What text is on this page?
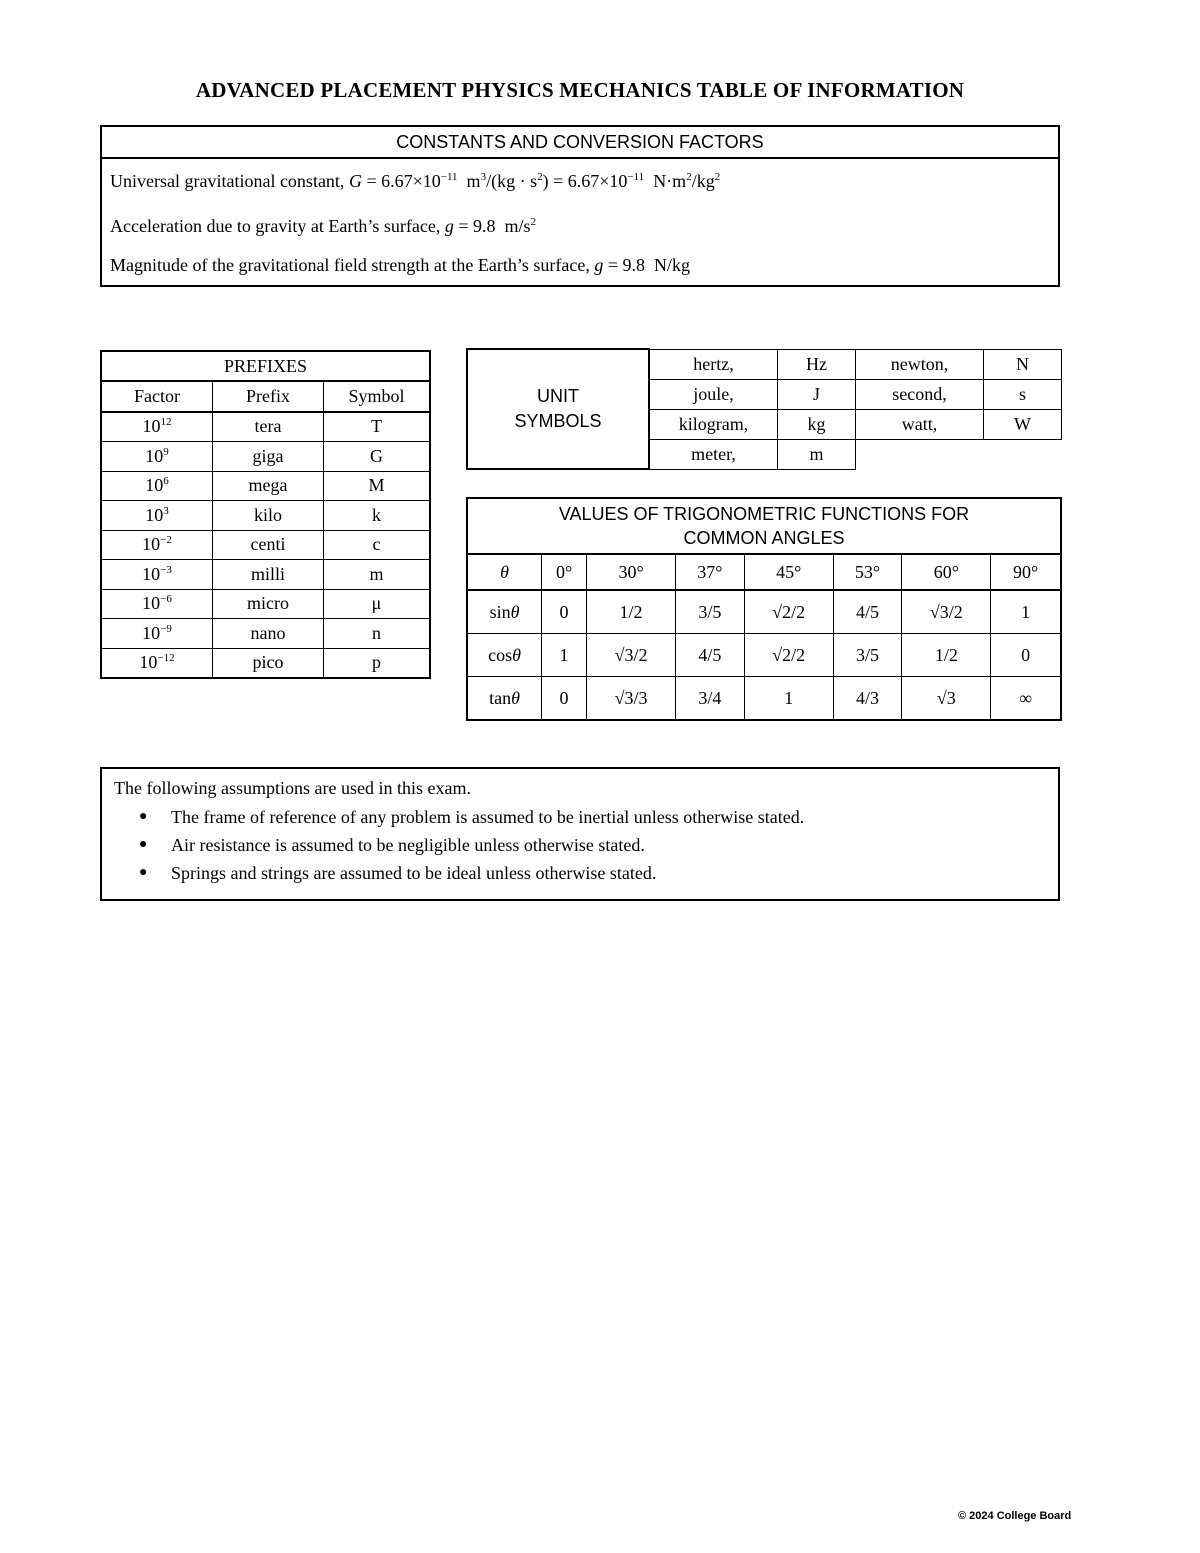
ADVANCED PLACEMENT PHYSICS MECHANICS TABLE OF INFORMATION
CONSTANTS AND CONVERSION FACTORS
Universal gravitational constant, $G = 6.67\times 10^{-11}$ $m^3/(kg \cdot s^2) = 6.67\times 10^{-11}$ $N\cdot m^2/kg^2$
Acceleration due to gravity at Earth’s surface, g = 9.8 $m/s^2$
Magnitude of the gravitational field strength at the Earth’s surface, g = 9.8 N/kg
PREFIXES		
Factor	Prefix	Symbol
$10^{12}$	tera	T
$10^9$	giga	G
$10^6$	mega	M
$10^3$	kilo	k
$10^{-2}$	centi	c
$10^{-3}$	milli	m
$10^{-6}$	micro	μ
$10^{-9}$	nano	n
$10^{-12}$	pico	p
UNIT
SYMBOLS	hertz,	Hz	newton,	N
	joule,	J	second,	s
	kilogram,	kg	watt,	W
	meter,	m		
VALUES OF TRIGONOMETRIC FUNCTIONS FOR
COMMON ANGLES							

θ	0°	30°	37°	45°	53°	60°	90°
sinθ	0	1/2	3/5	√2/2	4/5	√3/2	1
cosθ	1	√3/2	4/5	√2/2	3/5	1/2	0
tanθ	0	√3/3	3/4	1	4/3	√3	∞
The following assumptions are used in this exam.
● The frame of reference of any problem is assumed to be inertial unless otherwise stated.
● Air resistance is assumed to be negligible unless otherwise stated.
● Springs and strings are assumed to be ideal unless otherwise stated.
© 2024 College Board
